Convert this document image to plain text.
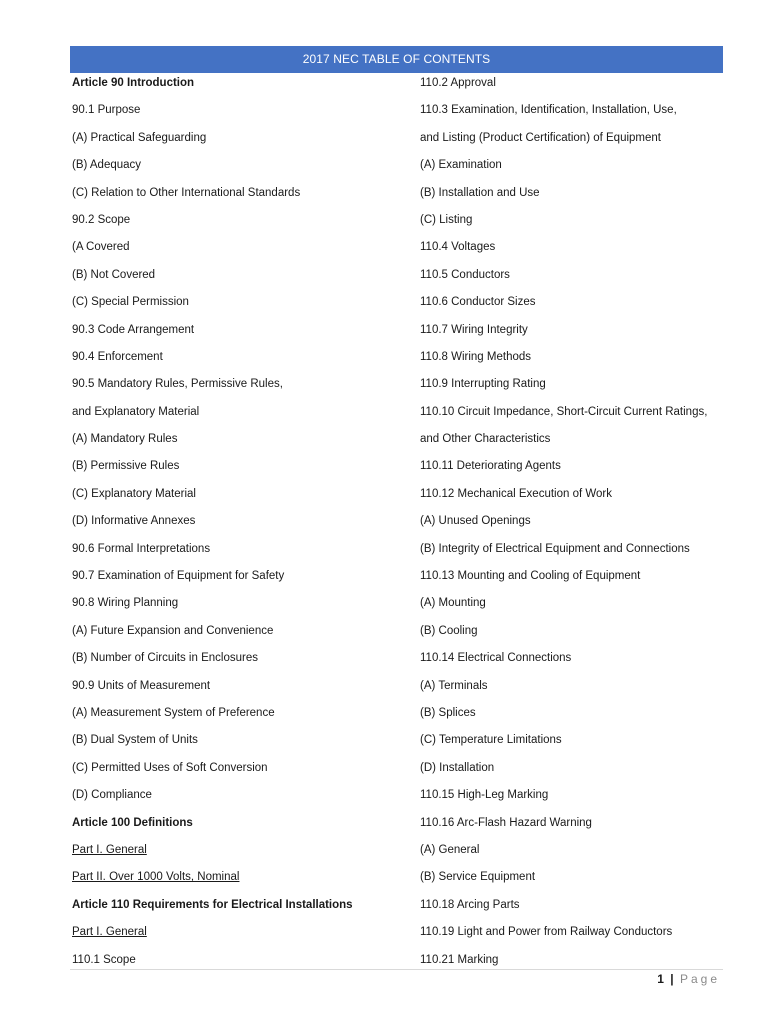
2017 NEC TABLE OF CONTENTS
Article 90 Introduction
90.1 Purpose
(A) Practical Safeguarding
(B) Adequacy
(C) Relation to Other International Standards
90.2 Scope
(A Covered
(B) Not Covered
(C) Special Permission
90.3 Code Arrangement
90.4 Enforcement
90.5 Mandatory Rules, Permissive Rules,
and Explanatory Material
(A) Mandatory Rules
(B) Permissive Rules
(C) Explanatory Material
(D) Informative Annexes
90.6 Formal Interpretations
90.7 Examination of Equipment for Safety
90.8 Wiring Planning
(A) Future Expansion and Convenience
(B) Number of Circuits in Enclosures
90.9 Units of Measurement
(A) Measurement System of Preference
(B) Dual System of Units
(C) Permitted Uses of Soft Conversion
(D) Compliance
Article 100 Definitions
Part I. General
Part II. Over 1000 Volts, Nominal
Article 110 Requirements for Electrical Installations
Part I. General
110.1 Scope
110.2 Approval
110.3 Examination, Identification, Installation, Use,
and Listing (Product Certification) of Equipment
(A) Examination
(B) Installation and Use
(C) Listing
110.4 Voltages
110.5 Conductors
110.6 Conductor Sizes
110.7 Wiring Integrity
110.8 Wiring Methods
110.9 Interrupting Rating
110.10 Circuit Impedance, Short-Circuit Current Ratings,
and Other Characteristics
110.11 Deteriorating Agents
110.12 Mechanical Execution of Work
(A) Unused Openings
(B) Integrity of Electrical Equipment and Connections
110.13 Mounting and Cooling of Equipment
(A) Mounting
(B) Cooling
110.14 Electrical Connections
(A) Terminals
(B) Splices
(C) Temperature Limitations
(D) Installation
110.15 High-Leg Marking
110.16 Arc-Flash Hazard Warning
(A) General
(B) Service Equipment
110.18 Arcing Parts
110.19 Light and Power from Railway Conductors
110.21 Marking
1 | Page
